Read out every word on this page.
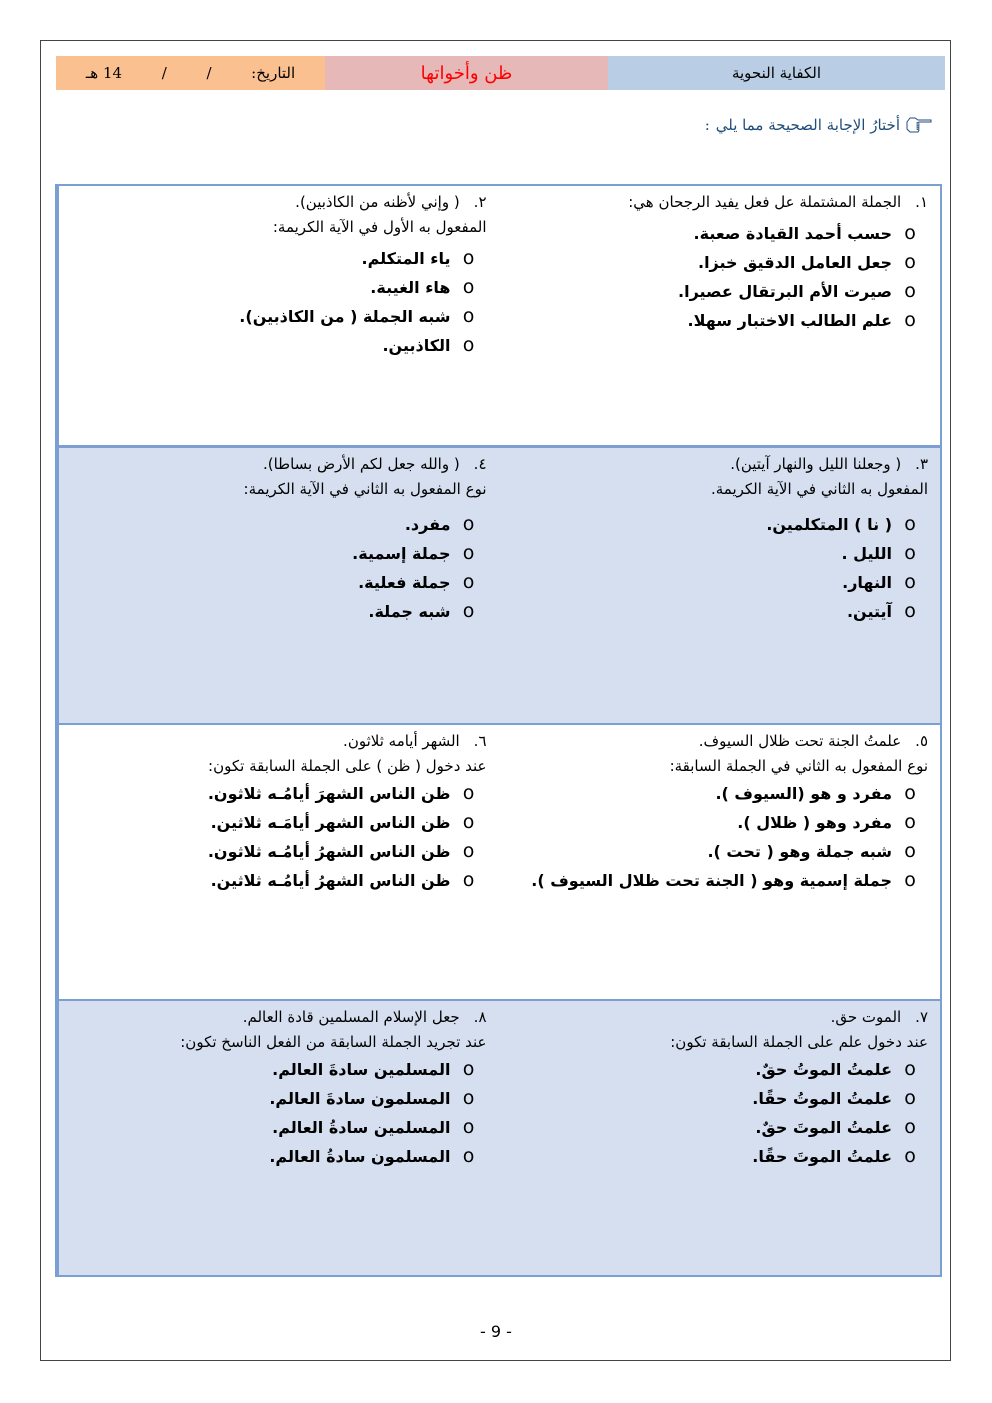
الكفاية النحوية
ظن وأخواتها
التاريخ:
/
/
14 هـ
أختارُ الإجابة الصحيحة مما يلي
:
١. الجملة المشتملة عل فعل يفيد الرجحان هي:
o
حسب أحمد القيادة صعبة.
o
جعل العامل الدقيق خبزا.
o
صيرت الأم البرتقال عصيرا.
o
علم الطالب الاختبار سهلا.
٢. ( وإني لأظنه من الكاذبين).
المفعول به الأول في الآية الكريمة:
o
ياء المتكلم.
o
هاء الغيبة.
o
شبه الجملة ( من الكاذبين).
o
الكاذبين.
٣. ( وجعلنا الليل والنهار آيتين).
المفعول به الثاني في الآية الكريمة.
o
( نا ) المتكلمين.
o
الليل .
o
النهار.
o
آيتين.
٤. ( والله جعل لكم الأرض بساطا).
نوع المفعول به الثاني في الآية الكريمة:
o
مفرد.
o
جملة إسمية.
o
جملة فعلية.
o
شبه جملة.
٥. علمتُ الجنة تحت ظلال السيوف.
نوع المفعول به الثاني في الجملة السابقة:
o
مفرد و هو (السيوف ).
o
مفرد وهو ( ظلال ).
o
شبه جملة وهو ( تحت ).
o
جملة إسمية وهو ( الجنة تحت ظلال السيوف ).
٦. الشهر أيامه ثلاثون.
عند دخول ( ظن ) على الجملة السابقة تكون:
o
ظن الناس الشهرَ أيامُـه ثلاثون.
o
ظن الناس الشهر أيامَـه ثلاثين.
o
ظن الناس الشهرُ أيامُـه ثلاثون.
o
ظن الناس الشهرُ أيامُـه ثلاثين.
٧. الموت حق.
عند دخول علم على الجملة السابقة تكون:
o
علمتُ الموتُ حقٌ.
o
علمتُ الموتُ حقًا.
o
علمتُ الموتَ حقٌ.
o
علمتُ الموتَ حقًا.
٨. جعل الإسلام المسلمين قادة العالم.
عند تجريد الجملة السابقة من الفعل الناسخ تكون:
o
المسلمين سادةَ العالم.
o
المسلمون سادةَ العالم.
o
المسلمين سادةُ العالم.
o
المسلمون سادةُ العالم.
- 9 -
